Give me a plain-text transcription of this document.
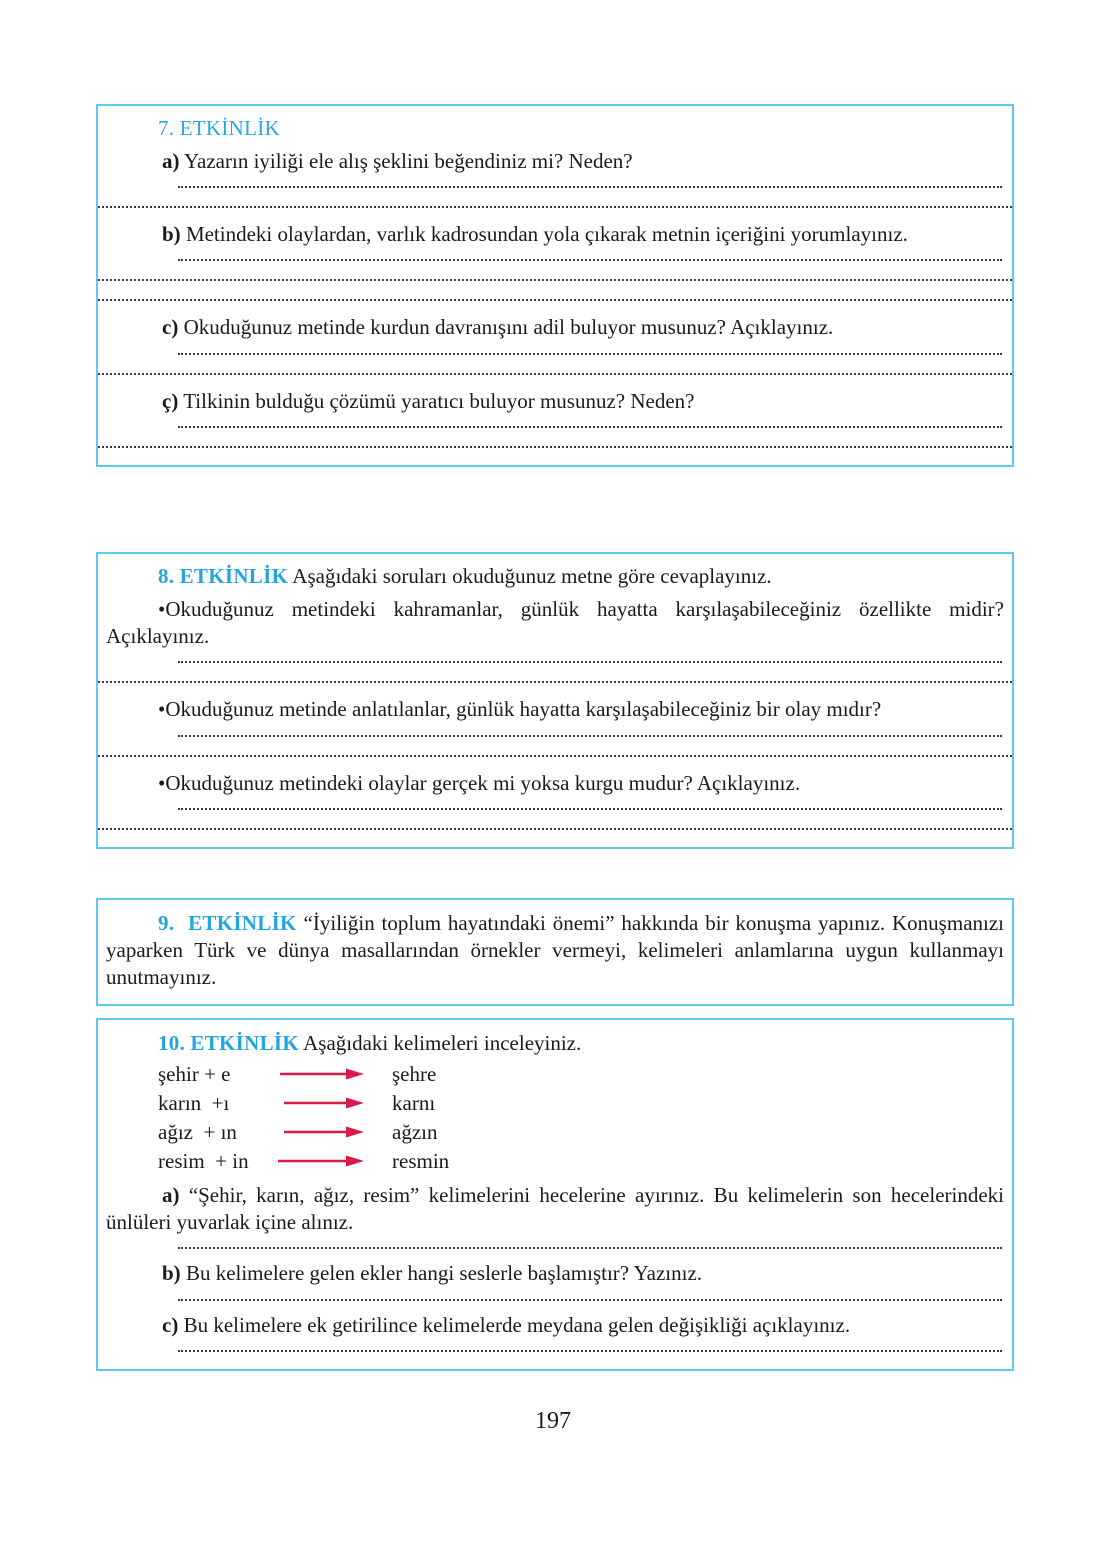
7. ETKİNLİK
a) Yazarın iyiliği ele alış şeklini beğendiniz mi? Neden?
b) Metindeki olaylardan, varlık kadrosundan yola çıkarak metnin içeriğini yorumlayınız.
c) Okuduğunuz metinde kurdun davranışını adil buluyor musunuz? Açıklayınız.
ç) Tilkinin bulduğu çözümü yaratıcı buluyor musunuz? Neden?
8. ETKİNLİK Aşağıdaki soruları okuduğunuz metne göre cevaplayınız.
•Okuduğunuz metindeki kahramanlar, günlük hayatta karşılaşabileceğiniz özellikte midir? Açıklayınız.
•Okuduğunuz metinde anlatılanlar, günlük hayatta karşılaşabileceğiniz bir olay mıdır?
•Okuduğunuz metindeki olaylar gerçek mi yoksa kurgu mudur? Açıklayınız.
9. ETKİNLİK “İyiliğin toplum hayatındaki önemi” hakkında bir konuşma yapınız. Konuşmanızı yaparken Türk ve dünya masallarından örnekler vermeyi, kelimeleri anlamlarına uygun kullanmayı unutmayınız.
10. ETKİNLİK Aşağıdaki kelimeleri inceleyiniz.
şehir + e	şehre
karın  +ı	karnı
ağız  + ın	ağzın
resim  + in	resmin
a) “Şehir, karın, ağız, resim” kelimelerini hecelerine ayırınız. Bu kelimelerin son hecelerindeki ünlüleri yuvarlak içine alınız.
b) Bu kelimelere gelen ekler hangi seslerle başlamıştır? Yazınız.
c) Bu kelimelere ek getirilince kelimelerde meydana gelen değişikliği açıklayınız.
197
